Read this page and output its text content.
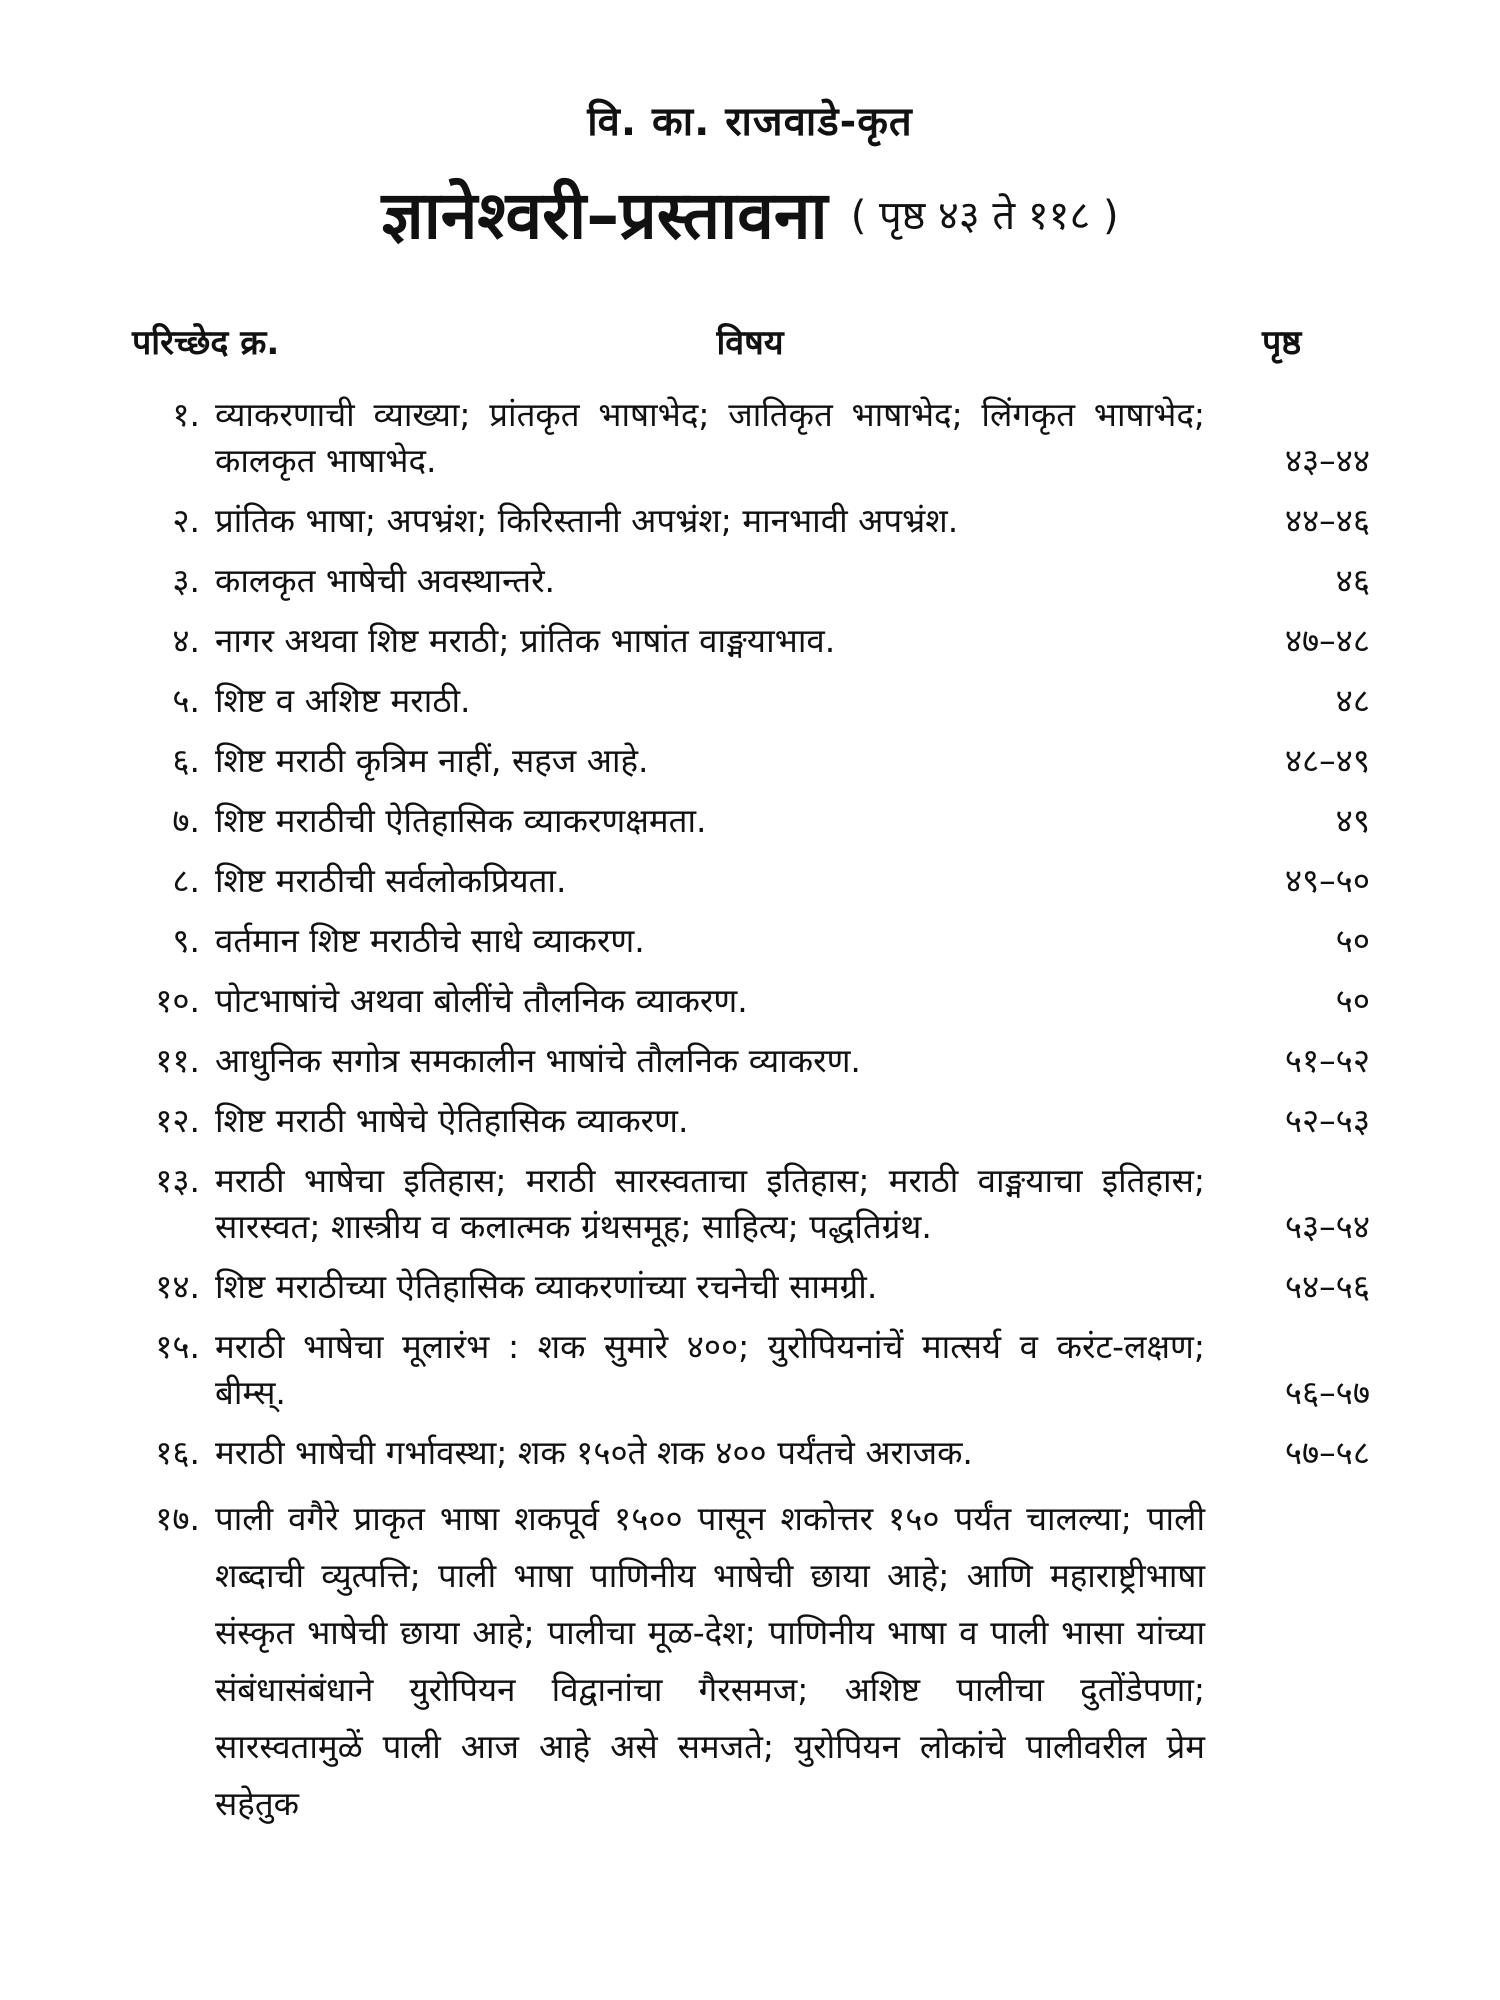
वि. का. राजवाडे-कृत
ज्ञानेश्वरी–प्रस्तावना ( पृष्ठ ४३ ते ११८ )
परिच्छेद क्र.	विषय	पृष्ठ
१. व्याकरणाची व्याख्या; प्रांतकृत भाषाभेद; जातिकृत भाषाभेद; लिंगकृत भाषाभेद; कालकृत भाषाभेद.	४३–४४
२. प्रांतिक भाषा; अपभ्रंश; किरिस्तानी अपभ्रंश; मानभावी अपभ्रंश.	४४–४६
३. कालकृत भाषेची अवस्थान्तरे.	४६
४. नागर अथवा शिष्ट मराठी; प्रांतिक भाषांत वाङ्मयाभाव.	४७–४८
५. शिष्ट व अशिष्ट मराठी.	४८
६. शिष्ट मराठी कृत्रिम नाहीं, सहज आहे.	४८–४९
७. शिष्ट मराठीची ऐतिहासिक व्याकरणक्षमता.	४९
८. शिष्ट मराठीची सर्वलोकप्रियता.	४९–५०
९. वर्तमान शिष्ट मराठीचे साधे व्याकरण.	५०
१०. पोटभाषांचे अथवा बोलींचे तौलनिक व्याकरण.	५०
११. आधुनिक सगोत्र समकालीन भाषांचे तौलनिक व्याकरण.	५१–५२
१२. शिष्ट मराठी भाषेचे ऐतिहासिक व्याकरण.	५२–५३
१३. मराठी भाषेचा इतिहास; मराठी सारस्वताचा इतिहास; मराठी वाङ्मयाचा इतिहास; सारस्वत; शास्त्रीय व कलात्मक ग्रंथसमूह; साहित्य; पद्धतिग्रंथ.	५३–५४
१४. शिष्ट मराठीच्या ऐतिहासिक व्याकरणांच्या रचनेची सामग्री.	५४–५६
१५. मराठी भाषेचा मूलारंभ : शक सुमारे ४००; युरोपियनांचें मात्सर्य व करंट-लक्षण; बीम्स्.	५६–५७
१६. मराठी भाषेची गर्भावस्था; शक १५०ते शक ४०० पर्यंतचे अराजक.	५७–५८
१७. पाली वगैरे प्राकृत भाषा शकपूर्व १५०० पासून शकोत्तर १५० पर्यंत चालल्या; पाली शब्दाची व्युत्पत्ति; पाली भाषा पाणिनीय भाषेची छाया आहे; आणि महाराष्ट्रीभाषा संस्कृत भाषेची छाया आहे; पालीचा मूळ-देश; पाणिनीय भाषा व पाली भासा यांच्या संबंधासंबंधाने युरोपियन विद्वानांचा गैरसमज; अशिष्ट पालीचा दुतोंडेपणा; सारस्वतामुळें पाली आज आहे असे समजते; युरोपियन लोकांचे पालीवरील प्रेम सहेतुक
